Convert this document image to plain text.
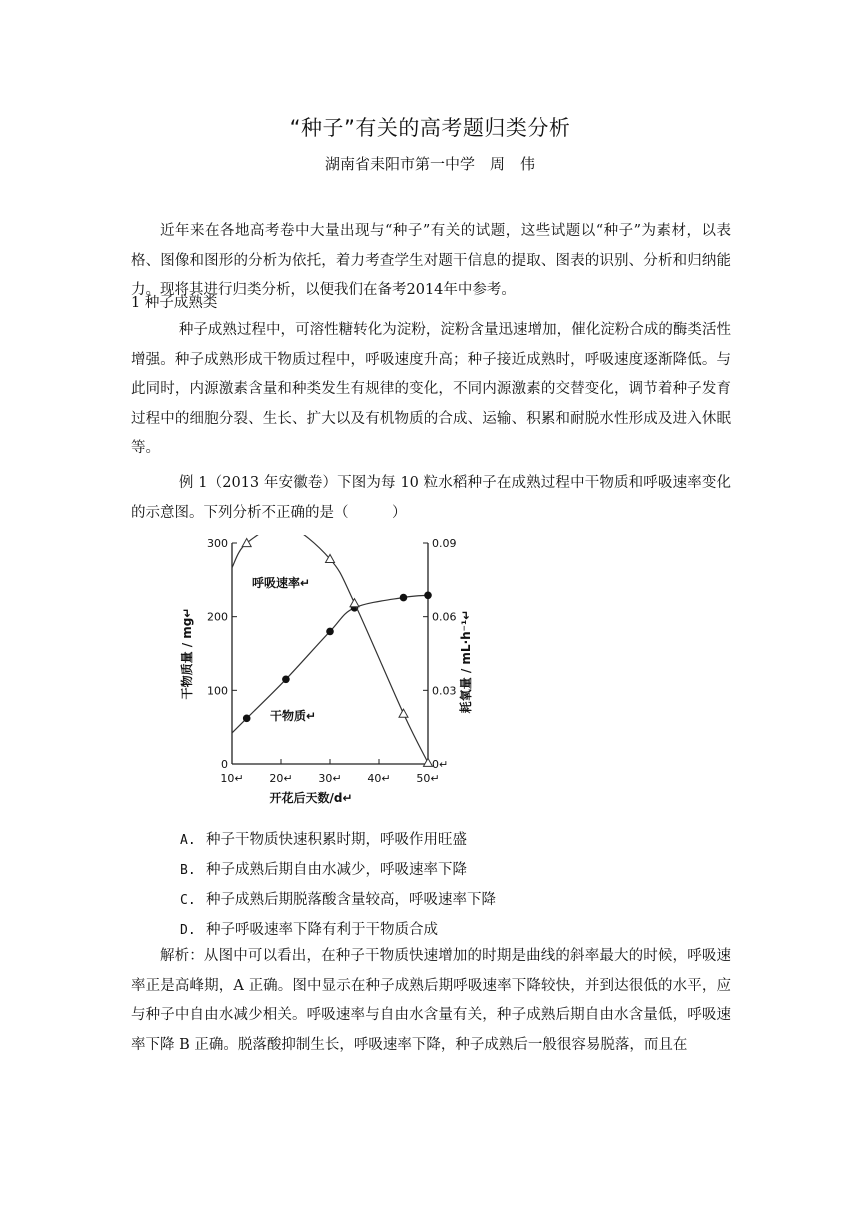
“种子”有关的高考题归类分析
湖南省耒阳市第一中学　周　伟
近年来在各地高考卷中大量出现与“种子”有关的试题，这些试题以“种子”为素材，以表格、图像和图形的分析为依托，着力考查学生对题干信息的提取、图表的识别、分析和归纳能力。现将其进行归类分析，以便我们在备考2014年中参考。
1 种子成熟类
种子成熟过程中，可溶性糖转化为淀粉，淀粉含量迅速增加，催化淀粉合成的酶类活性增强。种子成熟形成干物质过程中，呼吸速度升高；种子接近成熟时，呼吸速度逐渐降低。与此同时，内源激素含量和种类发生有规律的变化，不同内源激素的交替变化，调节着种子发育过程中的细胞分裂、生长、扩大以及有机物质的合成、运输、积累和耐脱水性形成及进入休眠等。
例 1（2013 年安徽卷）下图为每 10 粒水稻种子在成熟过程中干物质和呼吸速率变化的示意图。下列分析不正确的是（　　　）
0
100
200
300
0↵
0.03
0.06
0.09
10↵ 20↵ 30↵ 40↵ 50↵
开花后天数/d↵
干物质量 / mg↵	耗氧量 / mL·h⁻¹↵
呼吸速率↵
干物质↵
A. 种子干物质快速积累时期，呼吸作用旺盛
B. 种子成熟后期自由水减少，呼吸速率下降
C. 种子成熟后期脱落酸含量较高，呼吸速率下降
D. 种子呼吸速率下降有利于干物质合成
解析：从图中可以看出，在种子干物质快速增加的时期是曲线的斜率最大的时候，呼吸速率正是高峰期，A 正确。图中显示在种子成熟后期呼吸速率下降较快，并到达很低的水平，应与种子中自由水减少相关。呼吸速率与自由水含量有关，种子成熟后期自由水含量低，呼吸速率下降 B 正确。脱落酸抑制生长，呼吸速率下降，种子成熟后一般很容易脱落，而且在
